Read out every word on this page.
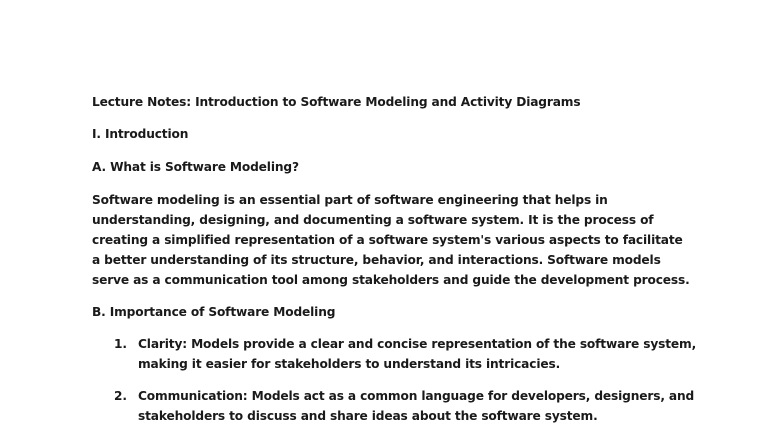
Lecture Notes: Introduction to Software Modeling and Activity Diagrams

I. Introduction

A. What is Software Modeling?

Software modeling is an essential part of software engineering that helps in understanding, designing, and documenting a software system. It is the process of creating a simplified representation of a software system's various aspects to facilitate a better understanding of its structure, behavior, and interactions. Software models serve as a communication tool among stakeholders and guide the development process.

B. Importance of Software Modeling

1. Clarity: Models provide a clear and concise representation of the software system, making it easier for stakeholders to understand its intricacies.
2. Communication: Models act as a common language for developers, designers, and stakeholders to discuss and share ideas about the software system.
